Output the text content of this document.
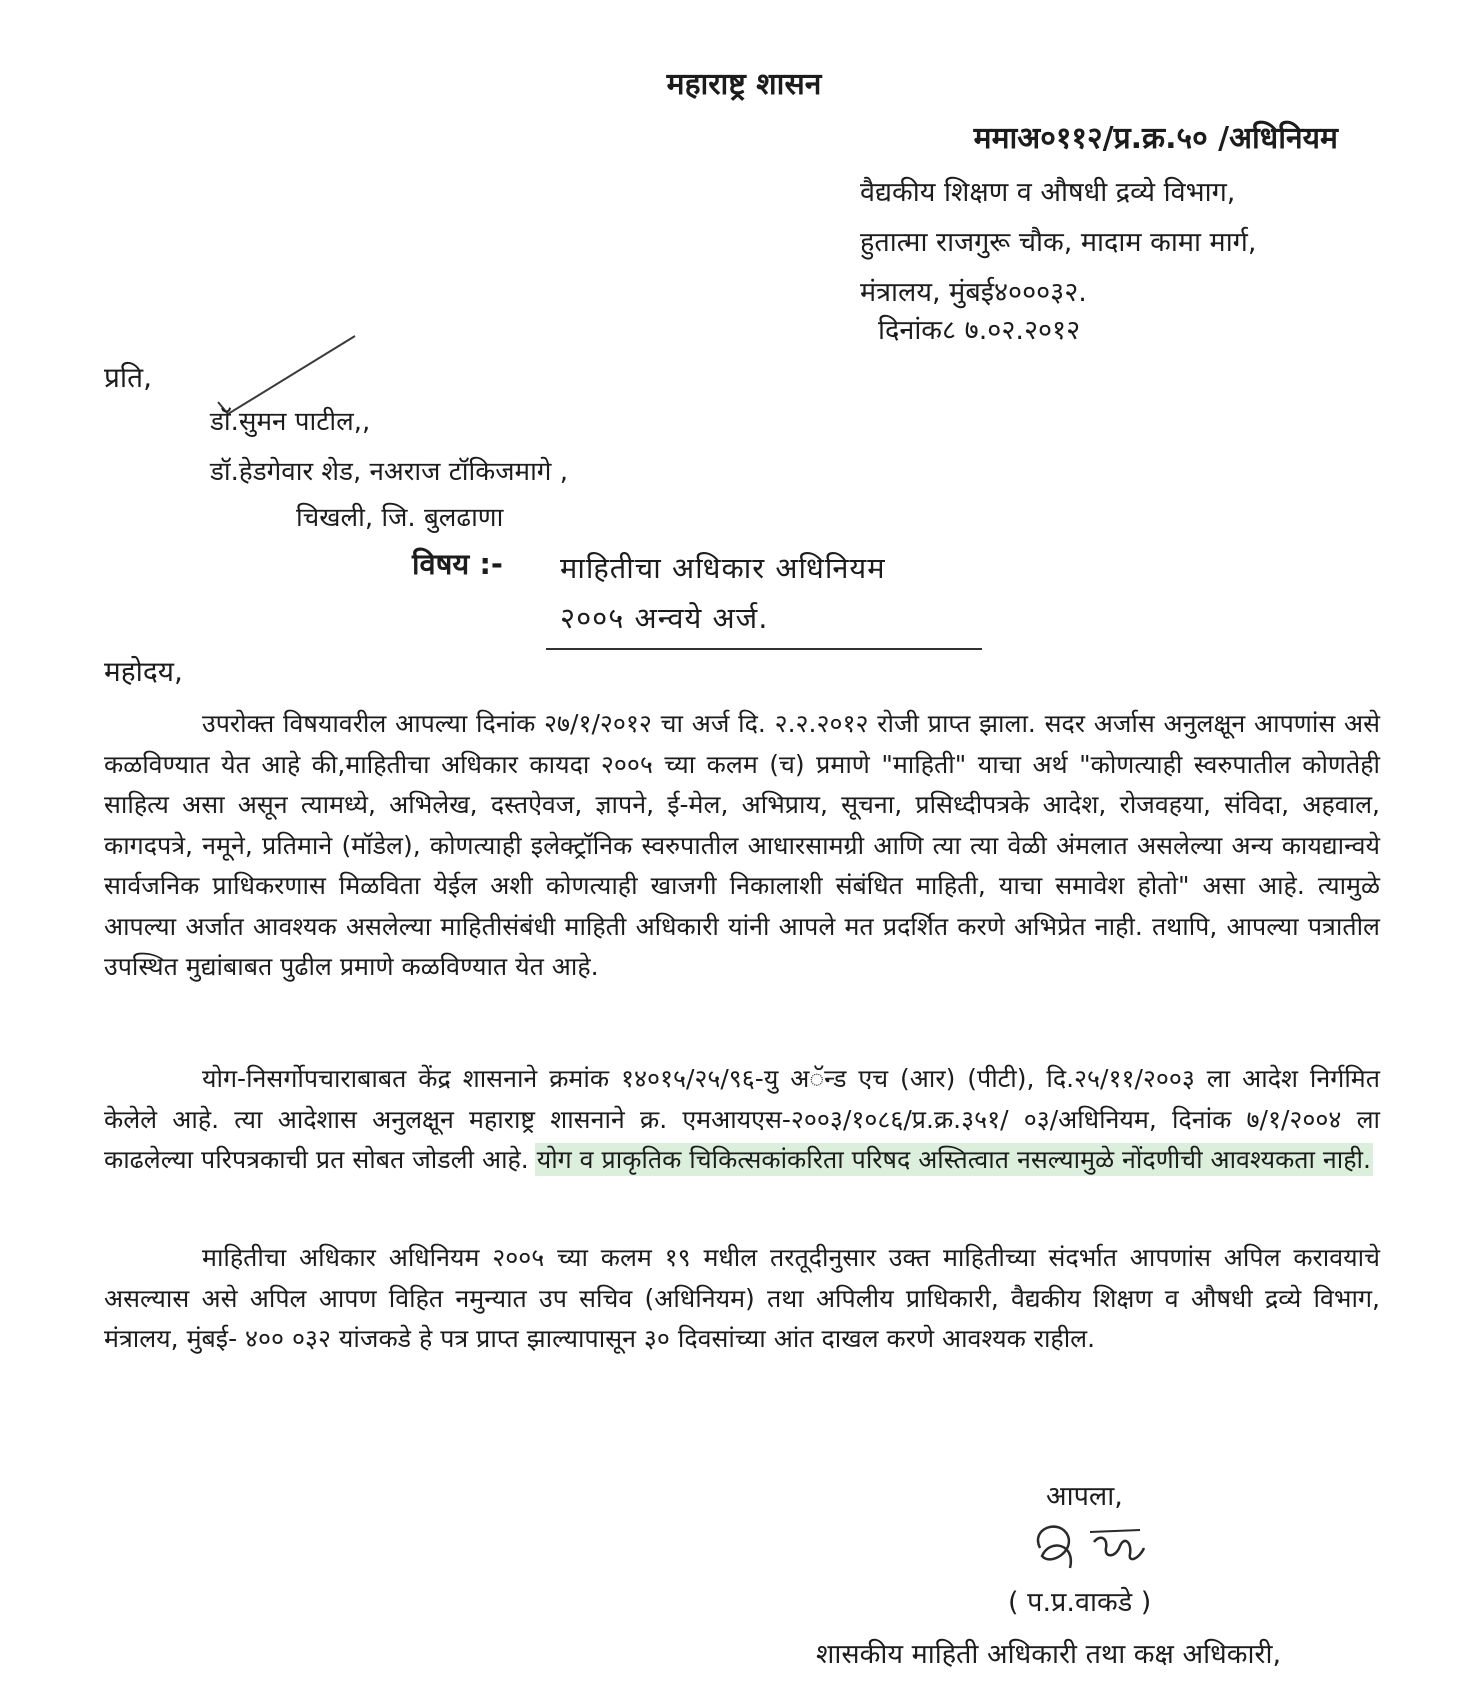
महाराष्ट्र शासन
ममाअ०११२/प्र.क्र.५० /अधिनियम
वैद्यकीय शिक्षण व औषधी द्रव्ये विभाग,
हुतात्मा राजगुरू चौक, मादाम कामा मार्ग,
मंत्रालय, मुंबई४०००३२.
दिनांक८ ७.०२.२०१२
प्रति,
डॉ.सुमन पाटील,,
डॉ.हेडगेवार शेड, नअराज टॉकिजमागे ,
चिखली, जि. बुलढाणा
विषय :- माहितीचा अधिकार अधिनियम
२००५ अन्वये अर्ज.
महोदय,

उपरोक्त विषयावरील आपल्या दिनांक २७/१/२०१२ चा अर्ज दि. २.२.२०१२ रोजी प्राप्त झाला. सदर अर्जास अनुलक्षून आपणांस असे कळविण्यात येत आहे की,माहितीचा अधिकार कायदा २००५ च्या कलम (च) प्रमाणे "माहिती" याचा अर्थ "कोणत्याही स्वरुपातील कोणतेही साहित्य असा असून त्यामध्ये, अभिलेख, दस्तऐवज, ज्ञापने, ई-मेल, अभिप्राय, सूचना, प्रसिध्दीपत्रके आदेश, रोजवहया, संविदा, अहवाल, कागदपत्रे, नमूने, प्रतिमाने (मॉडेल), कोणत्याही इलेक्ट्रॉनिक स्वरुपातील आधारसामग्री आणि त्या त्या वेळी अंमलात असलेल्या अन्य कायद्यान्वये सार्वजनिक प्राधिकरणास मिळविता येईल अशी कोणत्याही खाजगी निकालाशी संबंधित माहिती, याचा समावेश होतो" असा आहे. त्यामुळे आपल्या अर्जात आवश्यक असलेल्या माहितीसंबंधी माहिती अधिकारी यांनी आपले मत प्रदर्शित करणे अभिप्रेत नाही. तथापि, आपल्या पत्रातील उपस्थित मुद्यांबाबत पुढील प्रमाणे कळविण्यात येत आहे.

योग-निसर्गोपचाराबाबत केंद्र शासनाने क्रमांक १४०१५/२५/९६-यु अॅन्ड एच (आर) (पीटी), दि.२५/११/२००३ ला आदेश निर्गमित केलेले आहे. त्या आदेशास अनुलक्षून महाराष्ट्र शासनाने क्र. एमआयएस-२००३/१०८६/प्र.क्र.३५१/ ०३/अधिनियम, दिनांक ७/१/२००४ ला काढलेल्या परिपत्रकाची प्रत सोबत जोडली आहे. योग व प्राकृतिक चिकित्सकांकरिता परिषद अस्तित्वात नसल्यामुळे नोंदणीची आवश्यकता नाही.

माहितीचा अधिकार अधिनियम २००५ च्या कलम १९ मधील तरतूदीनुसार उक्त माहितीच्या संदर्भात आपणांस अपिल करावयाचे असल्यास असे अपिल आपण विहित नमुन्यात उप सचिव (अधिनियम) तथा अपिलीय प्राधिकारी, वैद्यकीय शिक्षण व औषधी द्रव्ये विभाग, मंत्रालय, मुंबई- ४०० ०३२ यांजकडे हे पत्र प्राप्त झाल्यापासून ३० दिवसांच्या आंत दाखल करणे आवश्यक राहील.

आपला,
( प.प्र.वाकडे )
शासकीय माहिती अधिकारी तथा कक्ष अधिकारी,
